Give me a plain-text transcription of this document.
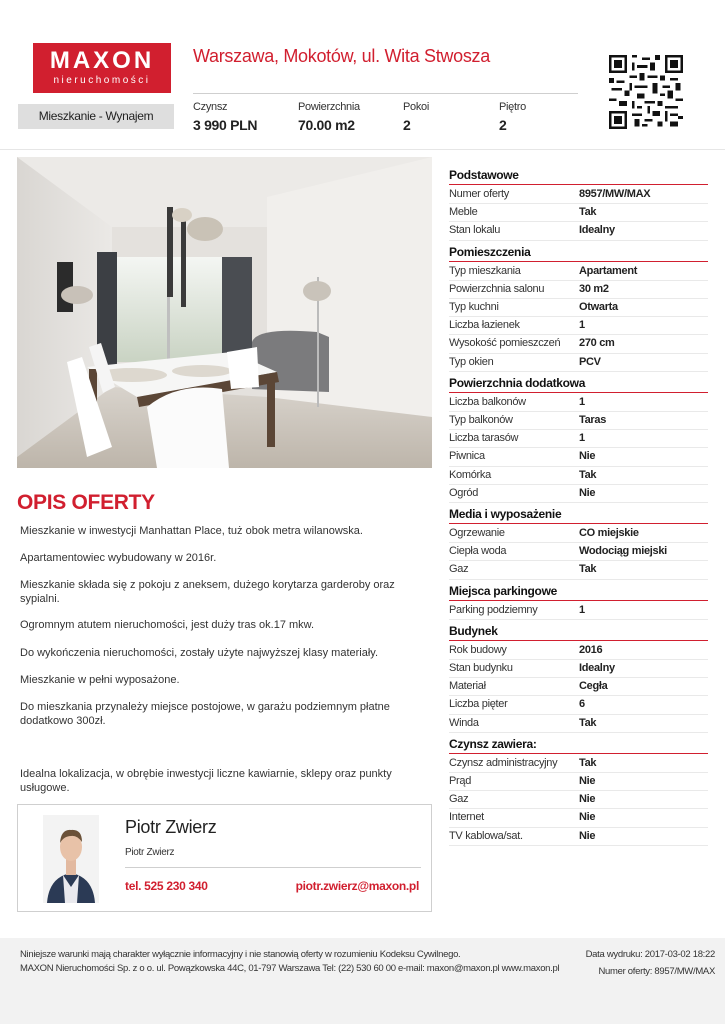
MAXON
nieruchomości
Warszawa, Mokotów, ul. Wita Stwosza
Mieszkanie - Wynajem
Czynsz
3 990 PLN
Powierzchnia
70.00 m2
Pokoi
2
Piętro
2
OPIS OFERTY

Mieszkanie w inwestycji Manhattan Place, tuż obok metra wilanowska.

Apartamentowiec wybudowany w 2016r.

Mieszkanie składa się z pokoju z aneksem, dużego korytarza garderoby oraz sypialni.

Ogromnym atutem nieruchomości, jest duży tras ok.17 mkw.

Do wykończenia nieruchomości, zostały użyte najwyższej klasy materiały.

Mieszkanie w pełni wyposażone.

Do mieszkania przynależy miejsce postojowe, w garażu podziemnym płatne dodatkowo 300zł.

Idealna lokalizacja, w obrębie inwestycji liczne kawiarnie, sklepy oraz punkty usługowe.

Piotr Zwierz
Piotr Zwierz
tel. 525 230 340	piotr.zwierz@maxon.pl
Podstawowe
Numer oferty	8957/MW/MAX
Meble	Tak
Stan lokalu	Idealny
Pomieszczenia
Typ mieszkania	Apartament
Powierzchnia salonu	30 m2
Typ kuchni	Otwarta
Liczba łazienek	1
Wysokość pomieszczeń	270 cm
Typ okien	PCV
Powierzchnia dodatkowa
Liczba balkonów	1
Typ balkonów	Taras
Liczba tarasów	1
Piwnica	Nie
Komórka	Tak
Ogród	Nie
Media i wyposażenie
Ogrzewanie	CO miejskie
Ciepła woda	Wodociąg miejski
Gaz	Tak
Miejsca parkingowe
Parking podziemny	1
Budynek
Rok budowy	2016
Stan budynku	Idealny
Materiał	Cegła
Liczba pięter	6
Winda	Tak
Czynsz zawiera:
Czynsz administracyjny	Tak
Prąd	Nie
Gaz	Nie
Internet	Nie
TV kablowa/sat.	Nie
Niniejsze warunki mają charakter wyłącznie informacyjny i nie stanowią oferty w rozumieniu Kodeksu Cywilnego.
MAXON Nieruchomości Sp. z o o. ul. Powązkowska 44C, 01-797 Warszawa Tel: (22) 530 60 00 e-mail: maxon@maxon.pl www.maxon.pl
Data wydruku: 2017-03-02 18:22
Numer oferty: 8957/MW/MAX
